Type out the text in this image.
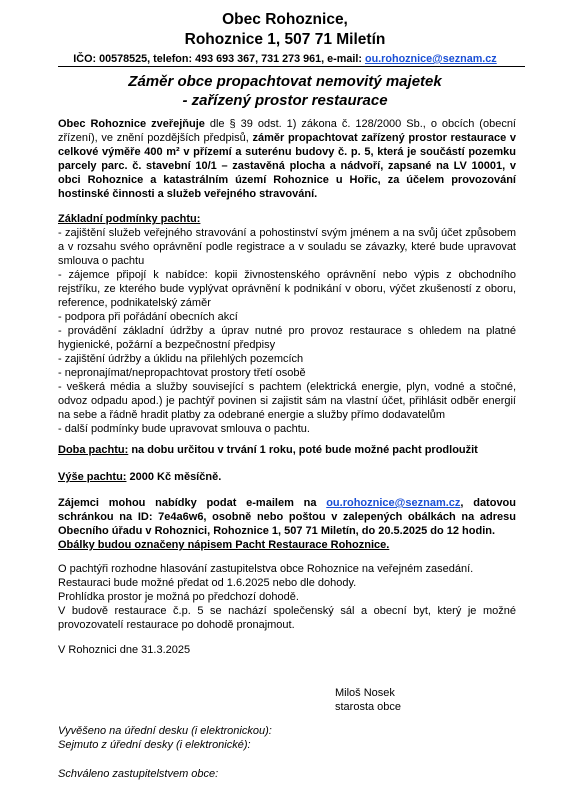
Obec Rohoznice,
Rohoznice 1, 507 71 Miletín
IČO: 00578525, telefon: 493 693 367, 731 273 961, e-mail: ou.rohoznice@seznam.cz
Záměr obce propachtovat nemovitý majetek
- zařízený prostor restaurace

Obec Rohoznice zveřejňuje dle § 39 odst. 1) zákona č. 128/2000 Sb., o obcích (obecní zřízení), ve znění pozdějších předpisů, záměr propachtovat zařízený prostor restaurace v celkové výměře 400 m² v přízemí a suterénu budovy č. p. 5, která je součástí pozemku parcely parc. č. stavební 10/1 – zastavěná plocha a nádvoří, zapsané na LV 10001, v obci Rohoznice a katastrálním území Rohoznice u Hořic, za účelem provozování hostinské činnosti a služeb veřejného stravování.

Základní podmínky pachtu:

- zajištění služeb veřejného stravování a pohostinství svým jménem a na svůj účet způsobem a v rozsahu svého oprávnění podle registrace a v souladu se závazky, které bude upravovat smlouva o pachtu

- zájemce připojí k nabídce: kopii živnostenského oprávnění nebo výpis z obchodního rejstříku, ze kterého bude vyplývat oprávnění k podnikání v oboru, výčet zkušeností z oboru, reference, podnikatelský záměr

- podpora při pořádání obecních akcí

- provádění základní údržby a úprav nutné pro provoz restaurace s ohledem na platné hygienické, požární a bezpečnostní předpisy

- zajištění údržby a úklidu na přilehlých pozemcích

- nepronajímat/nepropachtovat prostory třetí osobě

- veškerá média a služby související s pachtem (elektrická energie, plyn, vodné a stočné, odvoz odpadu apod.) je pachtýř povinen si zajistit sám na vlastní účet, přihlásit odběr energií na sebe a řádně hradit platby za odebrané energie a služby přímo dodavatelům

- další podmínky bude upravovat smlouva o pachtu.

Doba pachtu: na dobu určitou v trvání 1 roku, poté bude možné pacht prodloužit
Výše pachtu: 2000 Kč měsíčně.

Zájemci mohou nabídky podat e-mailem na ou.rohoznice@seznam.cz, datovou schránkou na ID: 7e4a6w6, osobně nebo poštou v zalepených obálkách na adresu Obecního úřadu v Rohoznici, Rohoznice 1, 507 71 Miletín, do 20.5.2025 do 12 hodin.

Obálky budou označeny nápisem Pacht Restaurace Rohoznice.

O pachtýři rozhodne hlasování zastupitelstva obce Rohoznice na veřejném zasedání.

Restauraci bude možné předat od 1.6.2025 nebo dle dohody.

Prohlídka prostor je možná po předchozí dohodě.

V budově restaurace č.p. 5 se nachází společenský sál a obecní byt, který je možné provozovatelí restaurace po dohodě pronajmout.

V Rohoznici dne 31.3.2025
Miloš Nosek
starosta obce
Vyvěšeno na úřední desku (i elektronickou):
Sejmuto z úřední desky (i elektronické):
Schváleno zastupitelstvem obce:
